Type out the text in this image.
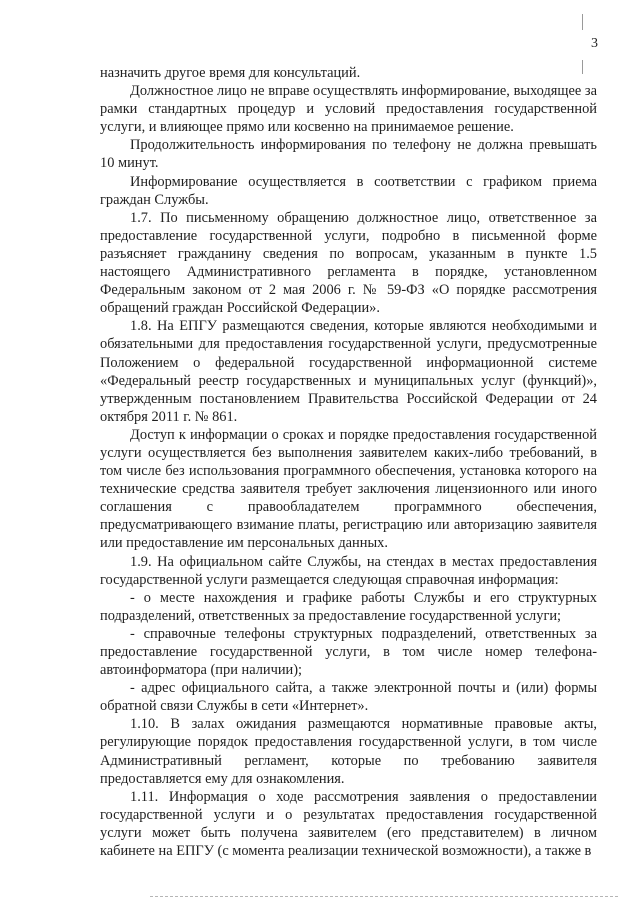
3

назначить другое время для консультаций.

Должностное лицо не вправе осуществлять информирование, выходящее за рамки стандартных процедур и условий предоставления государственной услуги, и влияющее прямо или косвенно на принимаемое решение.

Продолжительность информирования по телефону не должна превышать 10 минут.

Информирование осуществляется в соответствии с графиком приема граждан Службы.

1.7. По письменному обращению должностное лицо, ответственное за предоставление государственной услуги, подробно в письменной форме разъясняет гражданину сведения по вопросам, указанным в пункте 1.5 настоящего Административного регламента в порядке, установленном Федеральным законом от 2 мая 2006 г. № 59-ФЗ «О порядке рассмотрения обращений граждан Российской Федерации».

1.8. На ЕПГУ размещаются сведения, которые являются необходимыми и обязательными для предоставления государственной услуги, предусмотренные Положением о федеральной государственной информационной системе «Федеральный реестр государственных и муниципальных услуг (функций)», утвержденным постановлением Правительства Российской Федерации от 24 октября 2011 г. № 861.

Доступ к информации о сроках и порядке предоставления государственной услуги осуществляется без выполнения заявителем каких-либо требований, в том числе без использования программного обеспечения, установка которого на технические средства заявителя требует заключения лицензионного или иного соглашения с правообладателем программного обеспечения, предусматривающего взимание платы, регистрацию или авторизацию заявителя или предоставление им персональных данных.

1.9. На официальном сайте Службы, на стендах в местах предоставления государственной услуги размещается следующая справочная информация:

- о месте нахождения и графике работы Службы и его структурных подразделений, ответственных за предоставление государственной услуги;

- справочные телефоны структурных подразделений, ответственных за предоставление государственной услуги, в том числе номер телефона-автоинформатора (при наличии);

- адрес официального сайта, а также электронной почты и (или) формы обратной связи Службы в сети «Интернет».

1.10. В залах ожидания размещаются нормативные правовые акты, регулирующие порядок предоставления государственной услуги, в том числе Административный регламент, которые по требованию заявителя предоставляется ему для ознакомления.

1.11. Информация о ходе рассмотрения заявления о предоставлении государственной услуги и о результатах предоставления государственной услуги может быть получена заявителем (его представителем) в личном кабинете на ЕПГУ (с момента реализации технической возможности), а также в
